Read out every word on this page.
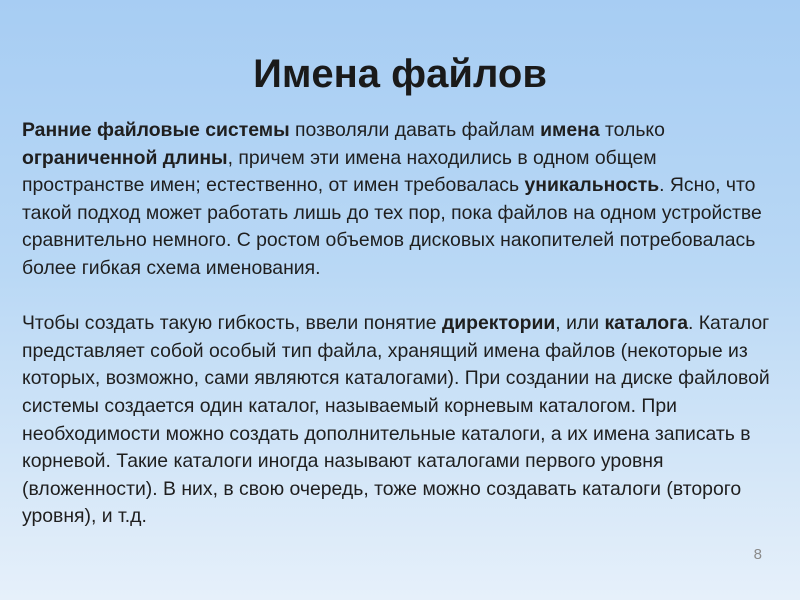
Имена файлов

Ранние файловые системы позволяли давать файлам имена только ограниченной длины, причем эти имена находились в одном общем пространстве имен; естественно, от имен требовалась уникальность. Ясно, что такой подход может работать лишь до тех пор, пока файлов на одном устройстве сравнительно немного. С ростом объемов дисковых накопителей потребовалась более гибкая схема именования.

Чтобы создать такую гибкость, ввели понятие директории, или каталога. Каталог представляет собой особый тип файла, хранящий имена файлов (некоторые из которых, возможно, сами являются каталогами). При создании на диске файловой системы создается один каталог, называемый корневым каталогом. При необходимости можно создать дополнительные каталоги, а их имена записать в корневой. Такие каталоги иногда называют каталогами первого уровня (вложенности). В них, в свою очередь, тоже можно создавать каталоги (второго уровня), и т.д.

8
